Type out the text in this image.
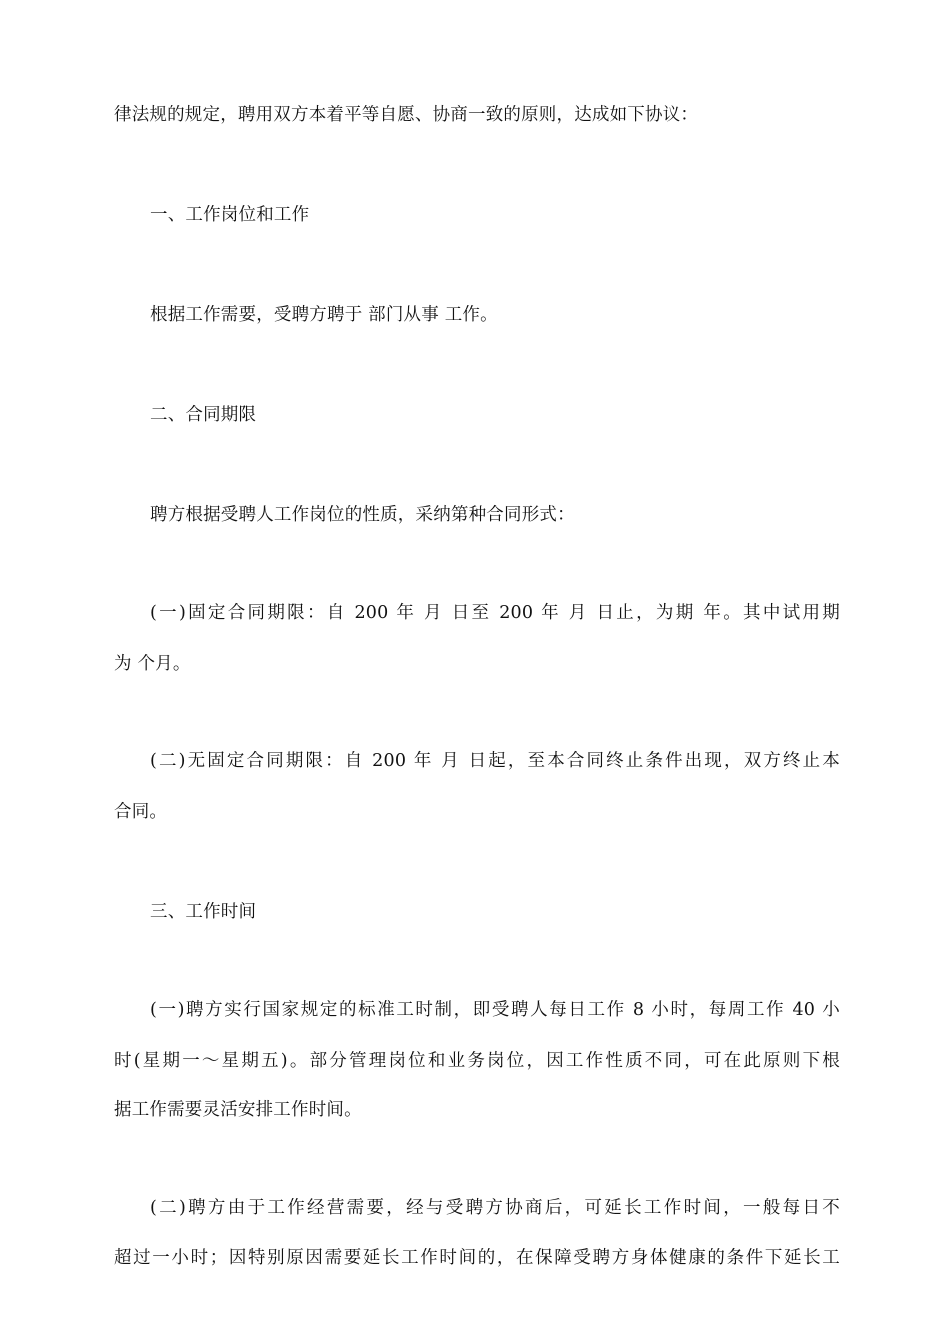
律法规的规定，聘用双方本着平等自愿、协商一致的原则，达成如下协议：
一、工作岗位和工作
根据工作需要，受聘方聘于 部门从事 工作。
二、合同期限
聘方根据受聘人工作岗位的性质，采纳第种合同形式：
(一)固定合同期限：自 200 年 月 日至 200 年 月 日止，为期 年。其中试用期
为 个月。
(二)无固定合同期限：自 200 年 月 日起，至本合同终止条件出现，双方终止本
合同。
三、工作时间
(一)聘方实行国家规定的标准工时制，即受聘人每日工作 8 小时，每周工作 40 小
时(星期一～星期五)。部分管理岗位和业务岗位，因工作性质不同，可在此原则下根
据工作需要灵活安排工作时间。
(二)聘方由于工作经营需要，经与受聘方协商后，可延长工作时间，一般每日不
超过一小时；因特别原因需要延长工作时间的，在保障受聘方身体健康的条件下延长工
